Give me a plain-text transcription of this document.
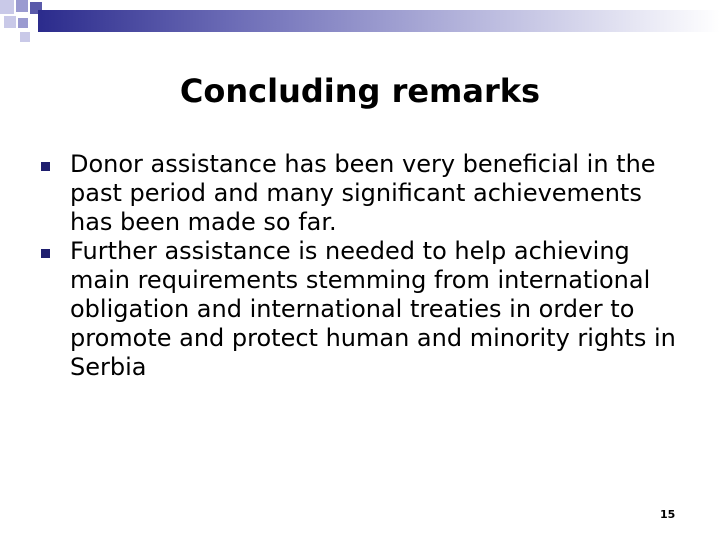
Concluding remarks
Donor assistance has been very beneficial in the past period and many significant achievements has been made so far.
Further assistance is needed to help achieving main requirements stemming from international obligation and international treaties in order to promote and protect human and minority rights in Serbia
15
